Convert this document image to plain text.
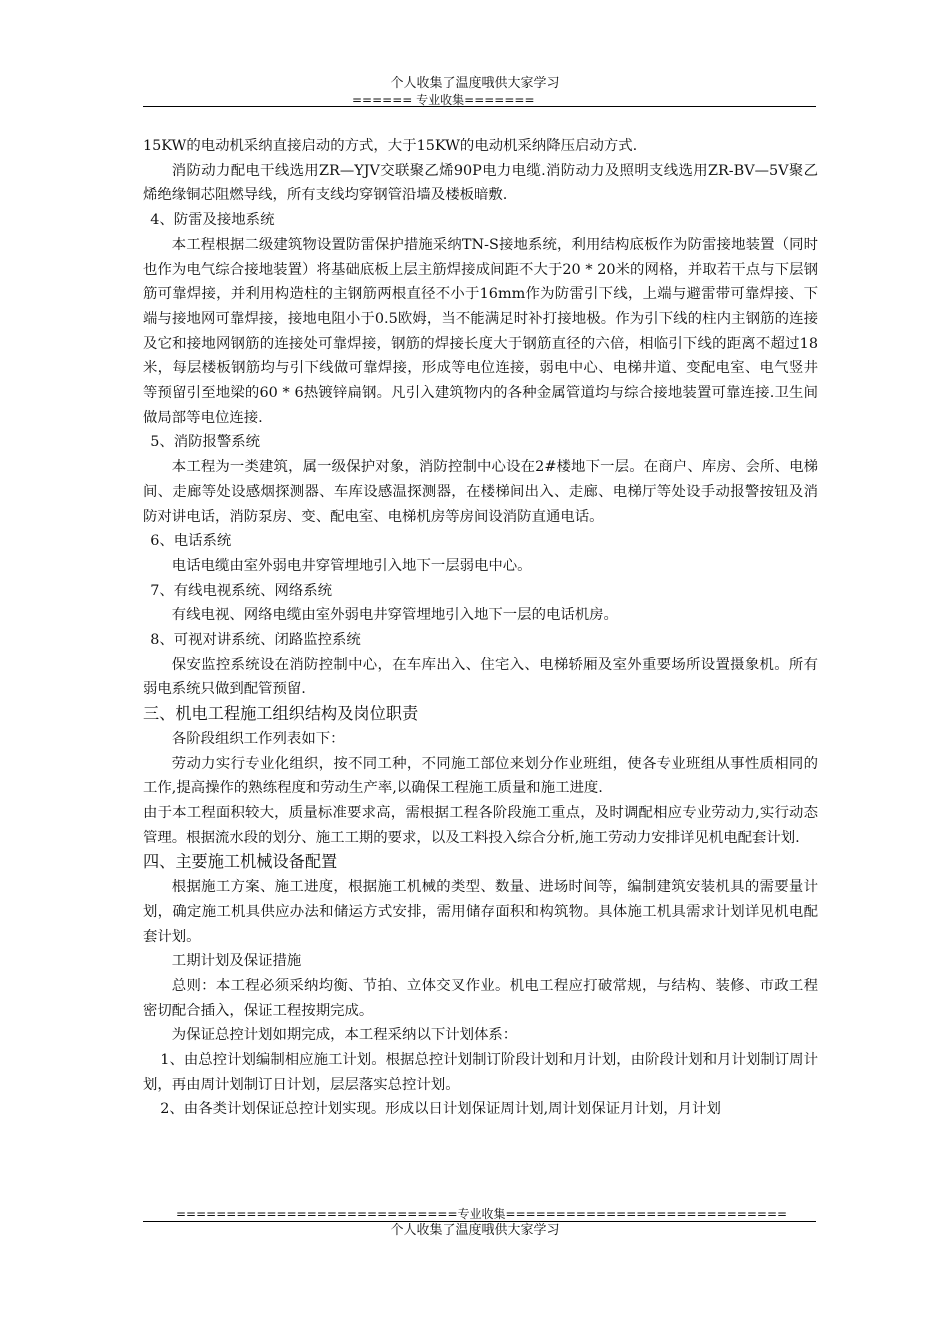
个人收集了温度哦供大家学习
====== 专业收集=======

15KW的电动机采纳直接启动的方式，大于15KW的电动机采纳降压启动方式.

消防动力配电干线选用ZR—YJV交联聚乙烯90P电力电缆.消防动力及照明支线选用ZR-BV—5V聚乙烯绝缘铜芯阻燃导线，所有支线均穿钢管沿墙及楼板暗敷.

4、防雷及接地系统

本工程根据二级建筑物设置防雷保护措施采纳TN-S接地系统，利用结构底板作为防雷接地装置（同时也作为电气综合接地装置）将基础底板上层主筋焊接成间距不大于20 * 20米的网格，并取若干点与下层钢筋可靠焊接，并利用构造柱的主钢筋两根直径不小于16mm作为防雷引下线，上端与避雷带可靠焊接、下端与接地网可靠焊接，接地电阻小于0.5欧姆，当不能满足时补打接地极。作为引下线的柱内主钢筋的连接及它和接地网钢筋的连接处可靠焊接，钢筋的焊接长度大于钢筋直径的六倍，相临引下线的距离不超过18米，每层楼板钢筋均与引下线做可靠焊接，形成等电位连接，弱电中心、电梯井道、变配电室、电气竖井等预留引至地梁的60 * 6热镀锌扁钢。凡引入建筑物内的各种金属管道均与综合接地装置可靠连接.卫生间做局部等电位连接.

5、消防报警系统

本工程为一类建筑，属一级保护对象，消防控制中心设在2#楼地下一层。在商户、库房、会所、电梯间、走廊等处设感烟探测器、车库设感温探测器，在楼梯间出入、走廊、电梯厅等处设手动报警按钮及消防对讲电话，消防泵房、变、配电室、电梯机房等房间设消防直通电话。

6、电话系统

电话电缆由室外弱电井穿管埋地引入地下一层弱电中心。

7、有线电视系统、网络系统

有线电视、网络电缆由室外弱电井穿管埋地引入地下一层的电话机房。

8、可视对讲系统、闭路监控系统

保安监控系统设在消防控制中心，在车库出入、住宅入、电梯轿厢及室外重要场所设置摄象机。所有弱电系统只做到配管预留.

三、机电工程施工组织结构及岗位职责

各阶段组织工作列表如下：

劳动力实行专业化组织，按不同工种，不同施工部位来划分作业班组，使各专业班组从事性质相同的工作,提高操作的熟练程度和劳动生产率,以确保工程施工质量和施工进度.

由于本工程面积较大，质量标准要求高，需根据工程各阶段施工重点，及时调配相应专业劳动力,实行动态管理。根据流水段的划分、施工工期的要求，以及工料投入综合分析,施工劳动力安排详见机电配套计划.

四、主要施工机械设备配置

根据施工方案、施工进度，根据施工机械的类型、数量、进场时间等，编制建筑安装机具的需要量计划，确定施工机具供应办法和储运方式安排，需用储存面积和构筑物。具体施工机具需求计划详见机电配套计划。

工期计划及保证措施

总则：本工程必须采纳均衡、节拍、立体交叉作业。机电工程应打破常规，与结构、装修、市政工程密切配合插入，保证工程按期完成。

为保证总控计划如期完成，本工程采纳以下计划体系：

1、由总控计划编制相应施工计划。根据总控计划制订阶段计划和月计划，由阶段计划和月计划制订周计划，再由周计划制订日计划，层层落实总控计划。

2、由各类计划保证总控计划实现。形成以日计划保证周计划,周计划保证月计划，月计划

============================专业收集============================
个人收集了温度哦供大家学习
